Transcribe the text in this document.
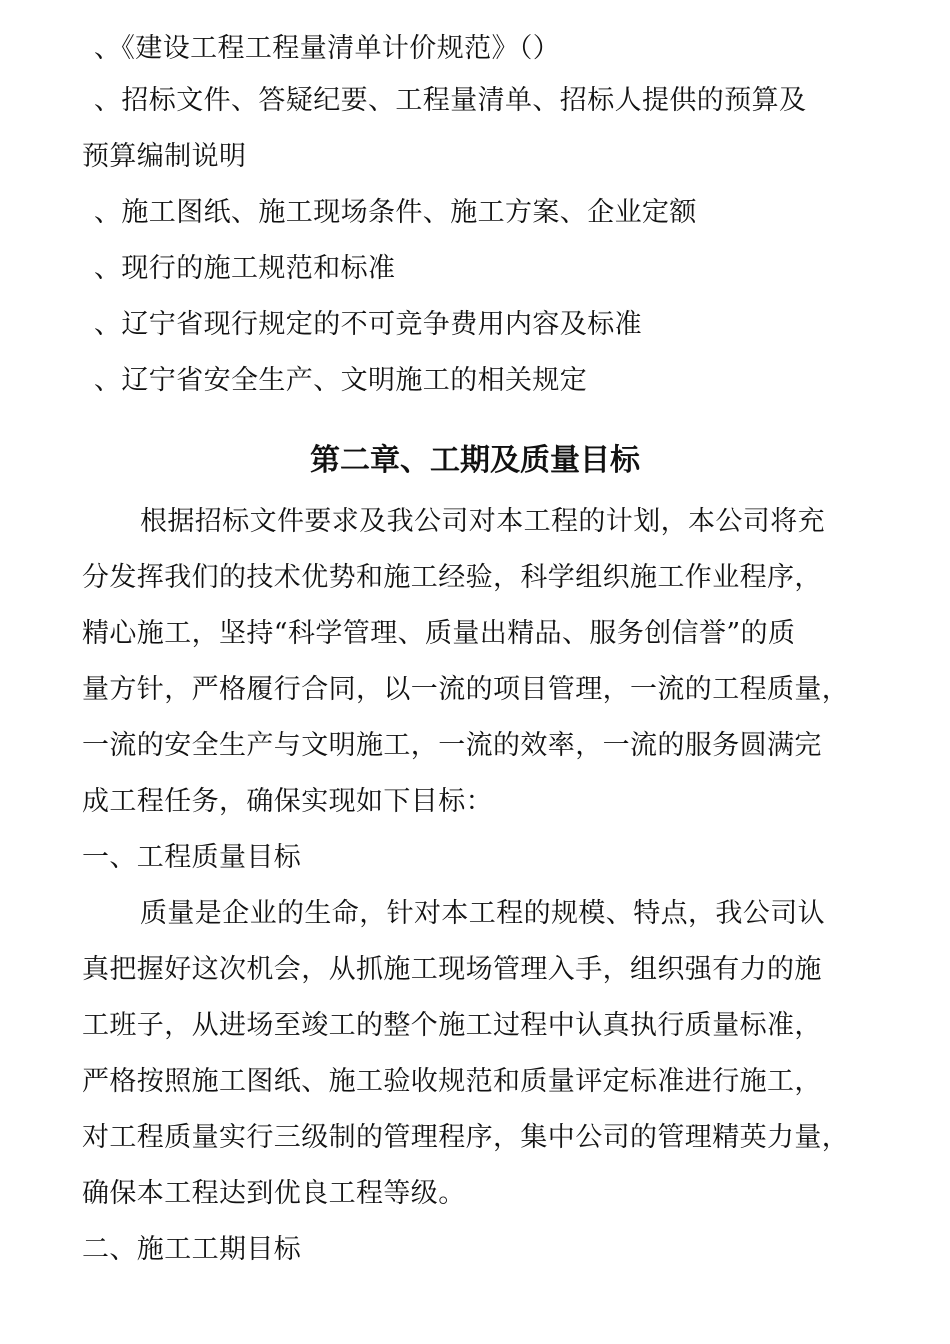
、《建设工程工程量清单计价规范》（）
、招标文件、答疑纪要、工程量清单、招标人提供的预算及
预算编制说明
、施工图纸、施工现场条件、施工方案、企业定额
、现行的施工规范和标准
、辽宁省现行规定的不可竞争费用内容及标准
、辽宁省安全生产、文明施工的相关规定
第二章、工期及质量目标
根据招标文件要求及我公司对本工程的计划，本公司将充
分发挥我们的技术优势和施工经验，科学组织施工作业程序，
精心施工，坚持“科学管理、质量出精品、服务创信誉”的质
量方针，严格履行合同，以一流的项目管理，一流的工程质量，
一流的安全生产与文明施工，一流的效率，一流的服务圆满完
成工程任务，确保实现如下目标：
一、工程质量目标
质量是企业的生命，针对本工程的规模、特点，我公司认
真把握好这次机会，从抓施工现场管理入手，组织强有力的施
工班子，从进场至竣工的整个施工过程中认真执行质量标准，
严格按照施工图纸、施工验收规范和质量评定标准进行施工，
对工程质量实行三级制的管理程序，集中公司的管理精英力量，
确保本工程达到优良工程等级。
二、施工工期目标
